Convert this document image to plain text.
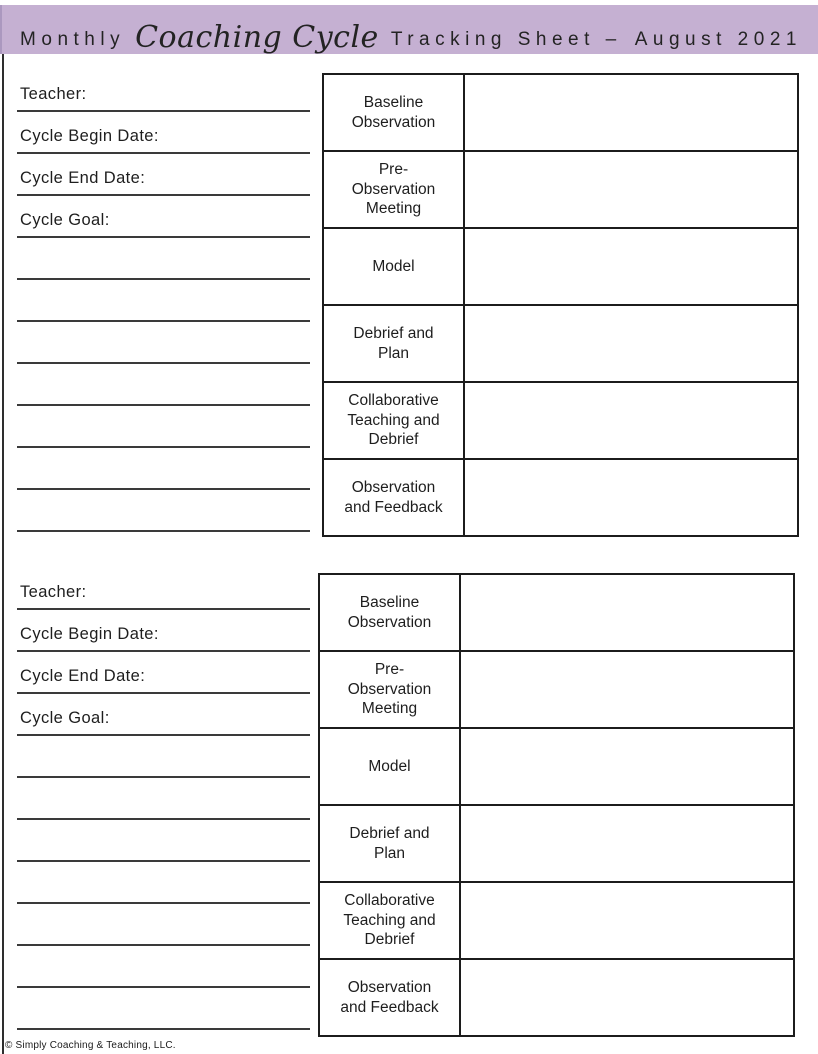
Monthly Coaching Cycle Tracking Sheet – August 2021
Teacher:
Cycle Begin Date:
Cycle End Date:
Cycle Goal:
Baseline Observation
Pre-Observation Meeting
Model
Debrief and Plan
Collaborative Teaching and Debrief
Observation and Feedback
Teacher:
Cycle Begin Date:
Cycle End Date:
Cycle Goal:
Baseline Observation
Pre-Observation Meeting
Model
Debrief and Plan
Collaborative Teaching and Debrief
Observation and Feedback
© Simply Coaching & Teaching, LLC.
